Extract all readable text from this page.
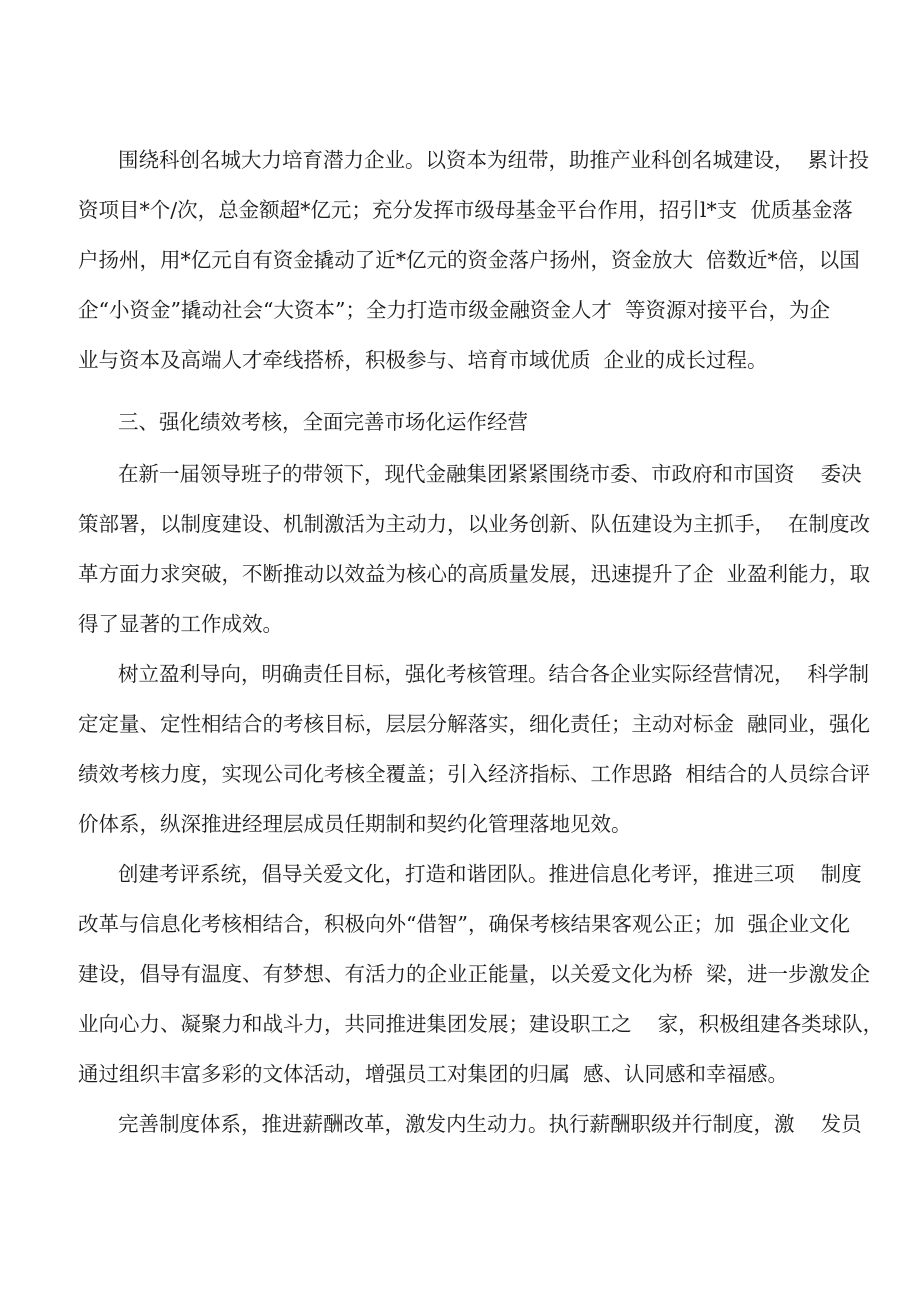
围绕科创名城大力培育潜力企业。以资本为纽带，助推产业科创名城建设，  累计投
资项目*个/次，总金额超*亿元；充分发挥市级母基金平台作用，招引l*支  优质基金落
户扬州，用*亿元自有资金撬动了近*亿元的资金落户扬州，资金放大  倍数近*倍，以国
企“小资金”撬动社会“大资本”；全力打造市级金融资金人才  等资源对接平台，为企
业与资本及高端人才牵线搭桥，积极参与、培育市域优质  企业的成长过程。
三、强化绩效考核，全面完善市场化运作经营
在新一届领导班子的带领下，现代金融集团紧紧围绕市委、市政府和市国资    委决
策部署，以制度建设、机制激活为主动力，以业务创新、队伍建设为主抓手，  在制度改
革方面力求突破，不断推动以效益为核心的高质量发展，迅速提升了企  业盈利能力，取
得了显著的工作成效。
树立盈利导向，明确责任目标，强化考核管理。结合各企业实际经营情况，  科学制
定定量、定性相结合的考核目标，层层分解落实，细化责任；主动对标金  融同业，强化
绩效考核力度，实现公司化考核全覆盖；引入经济指标、工作思路  相结合的人员综合评
价体系，纵深推进经理层成员任期制和契约化管理落地见效。
创建考评系统，倡导关爱文化，打造和谐团队。推进信息化考评，推进三项    制度
改革与信息化考核相结合，积极向外“借智”，确保考核结果客观公正；加  强企业文化
建设，倡导有温度、有梦想、有活力的企业正能量，以关爱文化为桥  梁，进一步激发企
业向心力、凝聚力和战斗力，共同推进集团发展；建设职工之    家，积极组建各类球队，
通过组织丰富多彩的文体活动，增强员工对集团的归属  感、认同感和幸福感。
完善制度体系，推进薪酬改革，激发内生动力。执行薪酬职级并行制度，激    发员
